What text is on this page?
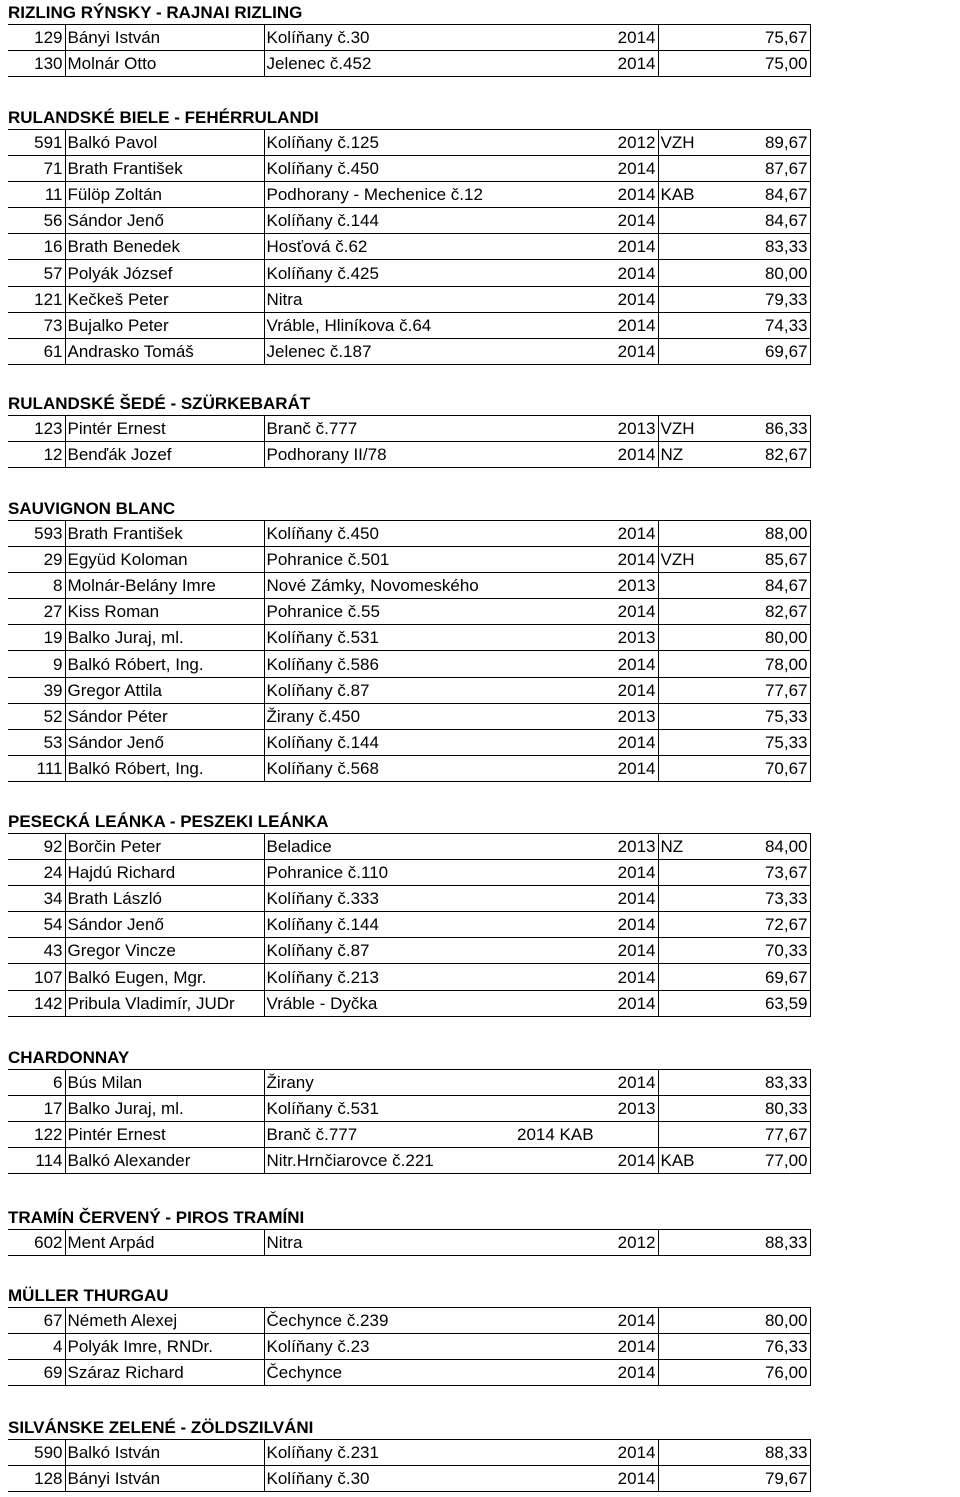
RIZLING RÝNSKY - RAJNAI RIZLING
129	Bányi István	Kolíňany č.30	2014		75,67	

130	Molnár Otto	Jelenec č.452	2014		75,00	
RULANDSKÉ BIELE - FEHÉRRULANDI
591	Balkó Pavol	Kolíňany č.125	2012	VZH	89,67	

71	Brath František	Kolíňany č.450	2014		87,67	

11	Fülöp Zoltán	Podhorany - Mechenice č.12	2014	KAB	84,67	

56	Sándor Jenő	Kolíňany č.144	2014		84,67	

16	Brath Benedek	Hosťová č.62	2014		83,33	

57	Polyák József	Kolíňany č.425	2014		80,00	

121	Kečkeš Peter	Nitra	2014		79,33	

73	Bujalko Peter	Vráble, Hliníkova č.64	2014		74,33	

61	Andrasko Tomáš	Jelenec č.187	2014		69,67	
RULANDSKÉ ŠEDÉ - SZÜRKEBARÁT
123	Pintér Ernest	Branč č.777	2013	VZH	86,33	

12	Benďák Jozef	Podhorany II/78	2014	NZ	82,67	
SAUVIGNON BLANC
593	Brath František	Kolíňany č.450	2014		88,00	

29	Együd Koloman	Pohranice č.501	2014	VZH	85,67	

8	Molnár-Belány Imre	Nové Zámky, Novomeského	2013		84,67	

27	Kiss Roman	Pohranice č.55	2014		82,67	

19	Balko Juraj, ml.	Kolíňany č.531	2013		80,00	

9	Balkó Róbert, Ing.	Kolíňany č.586	2014		78,00	

39	Gregor Attila	Kolíňany č.87	2014		77,67	

52	Sándor Péter	Žirany č.450	2013		75,33	

53	Sándor Jenő	Kolíňany č.144	2014		75,33	

111	Balkó Róbert, Ing.	Kolíňany č.568	2014		70,67	
PESECKÁ LEÁNKA - PESZEKI LEÁNKA
92	Borčin Peter	Beladice	2013	NZ	84,00	

24	Hajdú Richard	Pohranice č.110	2014		73,67	

34	Brath László	Kolíňany č.333	2014		73,33	

54	Sándor Jenő	Kolíňany č.144	2014		72,67	

43	Gregor Vincze	Kolíňany č.87	2014		70,33	

107	Balkó Eugen, Mgr.	Kolíňany č.213	2014		69,67	

142	Pribula Vladimír, JUDr	Vráble - Dyčka	2014		63,59	
CHARDONNAY
6	Bús Milan	Žirany	2014		83,33	

17	Balko Juraj, ml.	Kolíňany č.531	2013		80,33	

122	Pintér Ernest	Branč č.777	2014 KAB		77,67	

114	Balkó Alexander	Nitr.Hrnčiarovce č.221	2014	KAB	77,00	
TRAMÍN ČERVENÝ - PIROS TRAMÍNI
602	Ment Arpád	Nitra	2012		88,33	
MÜLLER THURGAU
67	Németh Alexej	Čechynce č.239	2014		80,00	

4	Polyák Imre, RNDr.	Kolíňany č.23	2014		76,33	

69	Száraz Richard	Čechynce	2014		76,00	
SILVÁNSKE ZELENÉ - ZÖLDSZILVÁNI
590	Balkó István	Kolíňany č.231	2014		88,33	

128	Bányi István	Kolíňany č.30	2014		79,67	
